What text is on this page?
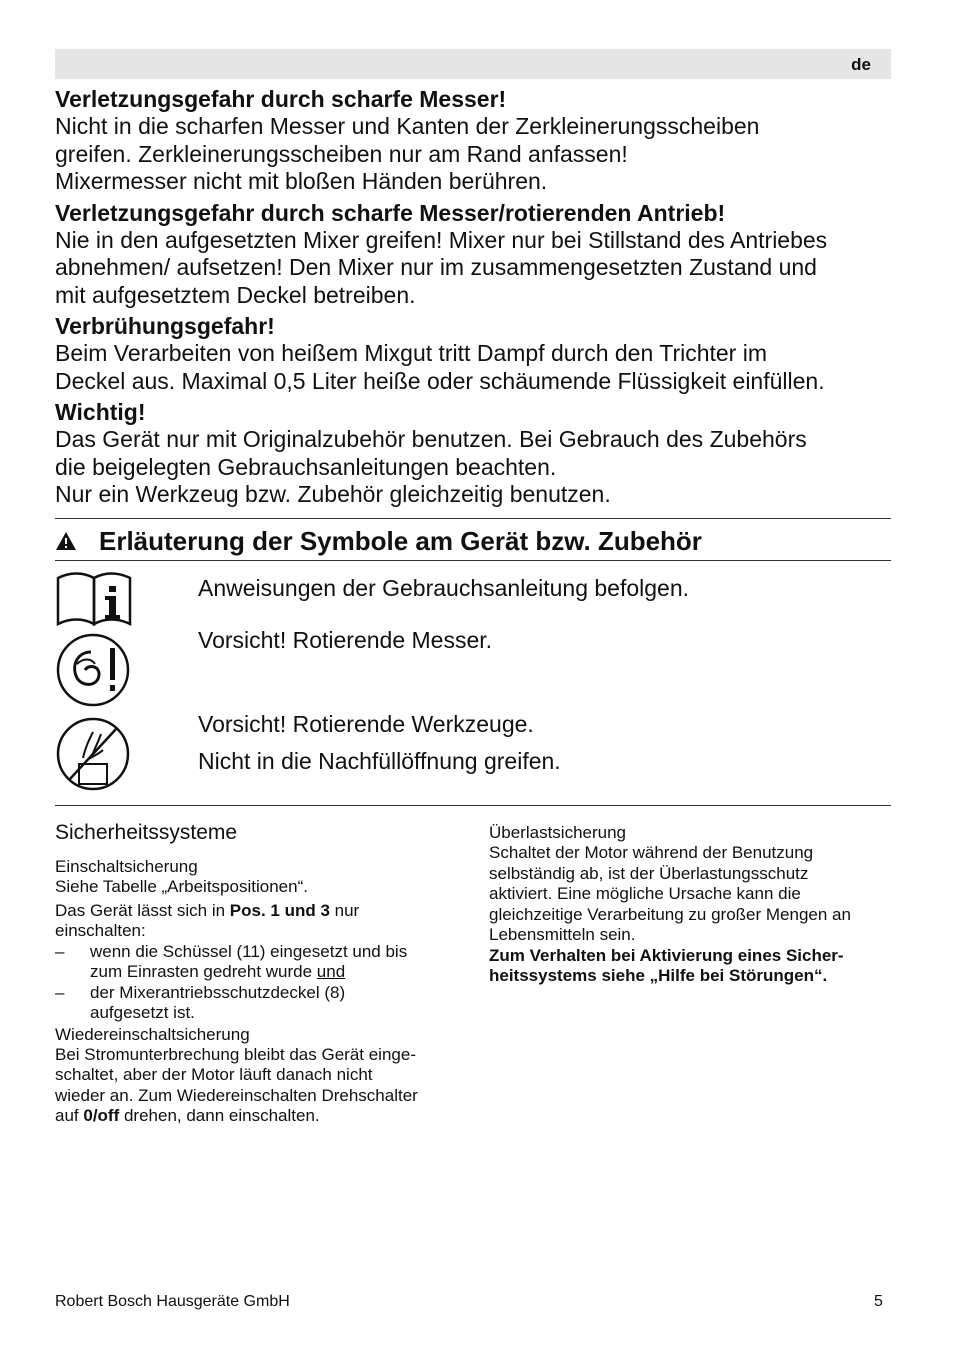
de
Verletzungsgefahr durch scharfe Messer!

Nicht in die scharfen Messer und Kanten der Zerkleinerungsscheiben

greifen. Zerkleinerungsscheiben nur am Rand anfassen!

Mixermesser nicht mit bloßen Händen berühren.

Verletzungsgefahr durch scharfe Messer/rotierenden Antrieb!

Nie in den aufgesetzten Mixer greifen! Mixer nur bei Stillstand des Antriebes

abnehmen/ aufsetzen! Den Mixer nur im zusammengesetzten Zustand und

mit aufgesetztem Deckel betreiben.

Verbrühungsgefahr!

Beim Verarbeiten von heißem Mixgut tritt Dampf durch den Trichter im

Deckel aus. Maximal 0,5 Liter heiße oder schäumende Flüssigkeit einfüllen.

Wichtig!

Das Gerät nur mit Originalzubehör benutzen. Bei Gebrauch des Zubehörs

die beigelegten Gebrauchsanleitungen beachten.

Nur ein Werkzeug bzw. Zubehör gleichzeitig benutzen.

Erläuterung der Symbole am Gerät bzw. Zubehör
Anweisungen der Gebrauchsanleitung befolgen.
Vorsicht! Rotierende Messer.
Vorsicht! Rotierende Werkzeuge.
Nicht in die Nachfüllöffnung greifen.
Sicherheitssysteme
Einschaltsicherung

Siehe Tabelle „Arbeitspositionen“.

Das Gerät lässt sich in Pos. 1 und 3 nur
einschalten:
– wenn die Schüssel (11) eingesetzt und bis
zum Einrasten gedreht wurde und
– der Mixerantriebsschutzdeckel (8)
aufgesetzt ist.
Wiedereinschaltsicherung
Bei Stromunterbrechung bleibt das Gerät einge-
schaltet, aber der Motor läuft danach nicht
wieder an. Zum Wiedereinschalten Drehschalter
auf 0/off drehen, dann einschalten.
Überlastsicherung
Schaltet der Motor während der Benutzung
selbständig ab, ist der Überlastungsschutz
aktiviert. Eine mögliche Ursache kann die
gleichzeitige Verarbeitung zu großer Mengen an
Lebensmitteln sein.
Zum Verhalten bei Aktivierung eines Sicher-
heitssystems siehe „Hilfe bei Störungen“.
Robert Bosch Hausgeräte GmbH	5
